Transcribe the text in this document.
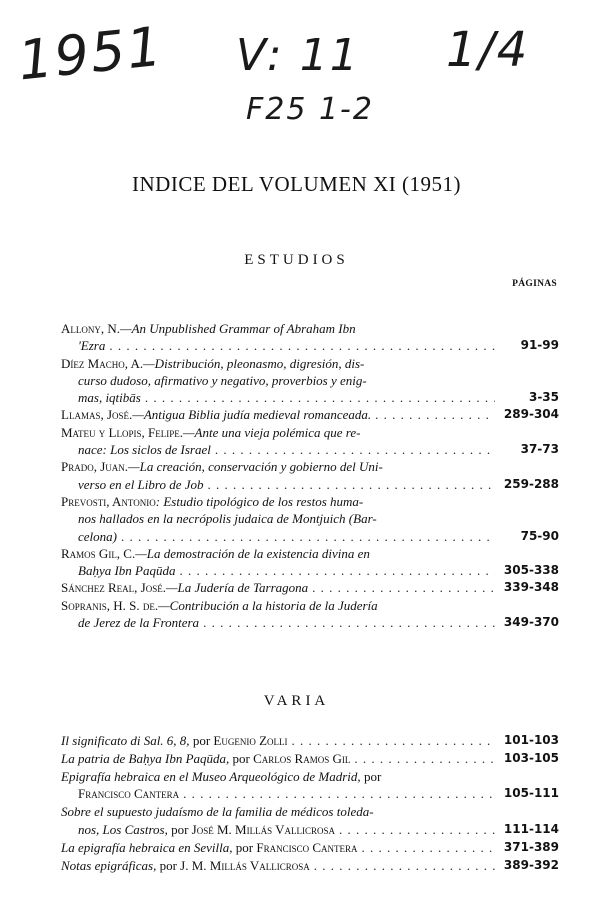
1951 V: 11 1/4
F25 1-2
INDICE DEL VOLUMEN XI (1951)
ESTUDIOS
PÁGINAS
Allony, N.—An Unpublished Grammar of Abraham Ibn
'Ezra . . .	91-99
Díez Macho, A.—Distribución, pleonasmo, digresión, dis-
curso dudoso, afirmativo y negativo, proverbios y enig-
mas, iqtibās . . .	3-35
Llamas, José.—Antigua Biblia judía medieval romanceada. . . .	289-304
Mateu y Llopis, Felipe.—Ante una vieja polémica que re-
nace: Los siclos de Israel . . .	37-73
Prado, Juan.—La creación, conservación y gobierno del Uni-
verso en el Libro de Job . . .	259-288
Prevosti, Antonio: Estudio tipológico de los restos huma-
nos hallados en la necrópolis judaica de Montjuich (Bar-
celona) . . .	75-90
Ramos Gil, C.—La demostración de la existencia divina en
Baḥya Ibn Paqūda . . .	305-338
Sánchez Real, José.—La Judería de Tarragona . . .	339-348
Sopranis, H. S. de.—Contribución a la historia de la Judería
de Jerez de la Frontera . . .	349-370
VARIA
Il significato di Sal. 6, 8, por Eugenio Zolli . . .	101-103
La patria de Baḥya Ibn Paqūda, por Carlos Ramos Gil . . .	103-105
Epigrafía hebraica en el Museo Arqueológico de Madrid, por
Francisco Cantera . . .	105-111
Sobre el supuesto judaísmo de la familia de médicos toleda-
nos, Los Castros, por José M. Millás Vallicrosa . . .	111-114
La epigrafía hebraica en Sevilla, por Francisco Cantera . . .	371-389
Notas epigráficas, por J. M. Millás Vallicrosa . . .	389-392
